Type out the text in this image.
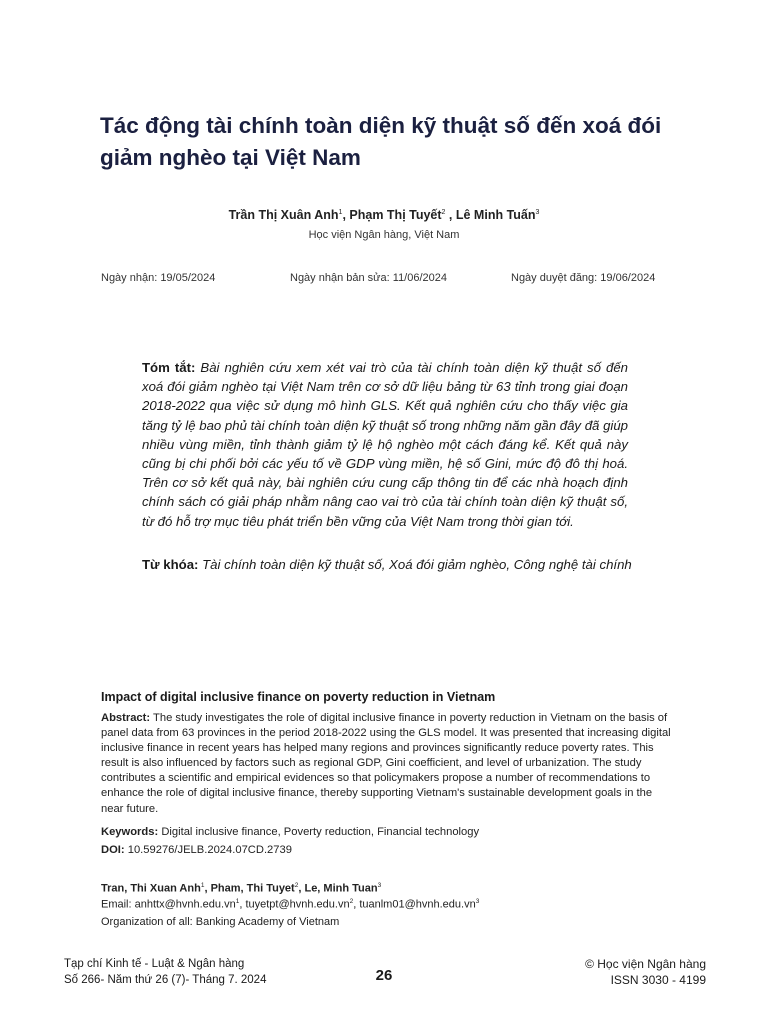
Tác động tài chính toàn diện kỹ thuật số đến xoá đói giảm nghèo tại Việt Nam
Trần Thị Xuân Anh$^1$, Phạm Thị Tuyết$^2$ , Lê Minh Tuấn$^3$
Học viện Ngân hàng, Việt Nam
Ngày nhận: 19/05/2024	Ngày nhận bản sửa: 11/06/2024	Ngày duyệt đăng: 19/06/2024
Tóm tắt: Bài nghiên cứu xem xét vai trò của tài chính toàn diện kỹ thuật số đến xoá đói giảm nghèo tại Việt Nam trên cơ sở dữ liệu bảng từ 63 tỉnh trong giai đoạn 2018-2022 qua việc sử dụng mô hình GLS. Kết quả nghiên cứu cho thấy việc gia tăng tỷ lệ bao phủ tài chính toàn diện kỹ thuật số trong những năm gần đây đã giúp nhiều vùng miền, tỉnh thành giảm tỷ lệ hộ nghèo một cách đáng kể. Kết quả này cũng bị chi phối bởi các yếu tố về GDP vùng miền, hệ số Gini, mức độ đô thị hoá. Trên cơ sở kết quả này, bài nghiên cứu cung cấp thông tin để các nhà hoạch định chính sách có giải pháp nhằm nâng cao vai trò của tài chính toàn diện kỹ thuật số, từ đó hỗ trợ mục tiêu phát triển bền vững của Việt Nam trong thời gian tới.
Từ khóa: Tài chính toàn diện kỹ thuật số, Xoá đói giảm nghèo, Công nghệ tài chính
Impact of digital inclusive finance on poverty reduction in Vietnam
Abstract: The study investigates the role of digital inclusive finance in poverty reduction in Vietnam on the basis of panel data from 63 provinces in the period 2018-2022 using the GLS model. It was presented that increasing digital inclusive finance in recent years has helped many regions and provinces significantly reduce poverty rates. This result is also influenced by factors such as regional GDP, Gini coefficient, and level of urbanization. The study contributes a scientific and empirical evidences so that policymakers propose a number of recommendations to enhance the role of digital inclusive finance, thereby supporting Vietnam's sustainable development goals in the near future.
Keywords: Digital inclusive finance, Poverty reduction, Financial technology
DOI: 10.59276/JELB.2024.07CD.2739
Tran, Thi Xuan Anh$^1$, Pham, Thi Tuyet$^2$, Le, Minh Tuan$^3$
Email: $anhttx@hvnh.edu.vn^1$, $tuyetpt@hvnh.edu.vn^2$, $tuanlm01@hvnh.edu.vn^3$
Organization of all: Banking Academy of Vietnam
Tạp chí Kinh tế - Luật & Ngân hàng
Số 266- Năm thứ 26 (7)- Tháng 7. 2024	26
© Học viện Ngân hàng
ISSN 3030 - 4199
